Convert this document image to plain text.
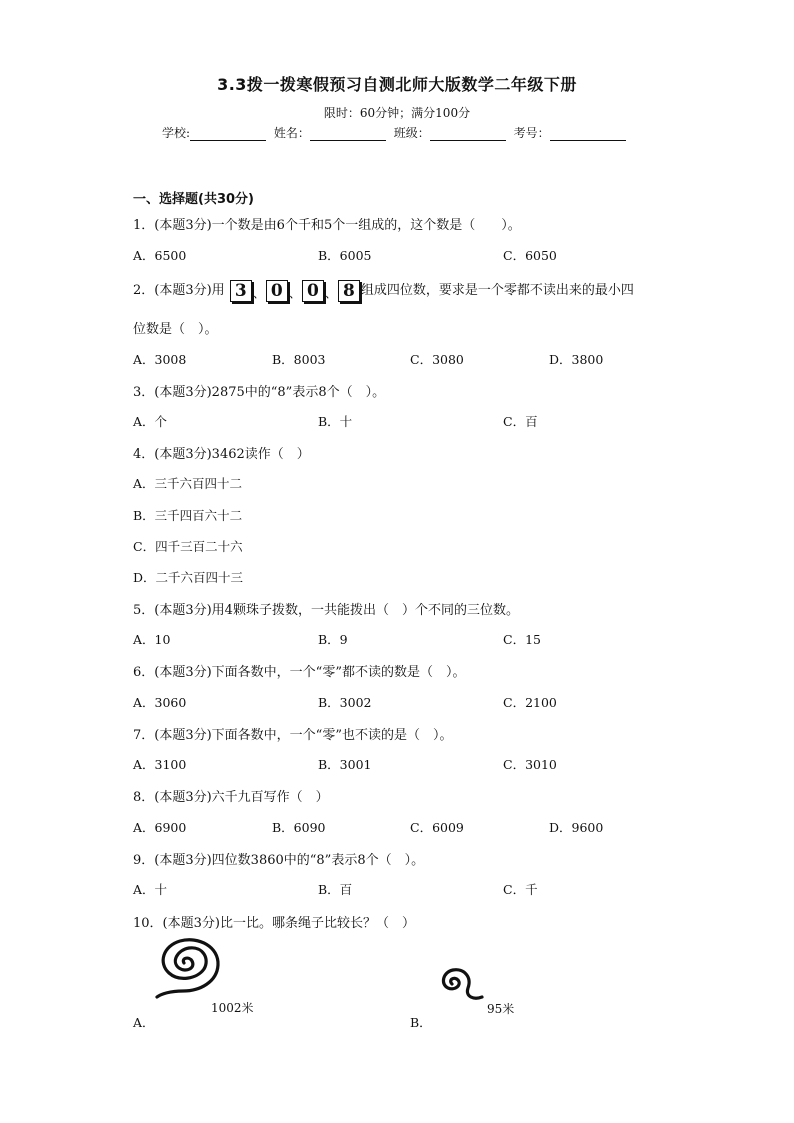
3.3拨一拨寒假预习自测北师大版数学二年级下册
限时：60分钟；满分100分
学校:	姓名：	班级：	考号：
一、选择题(共30分)
1．(本题3分)一个数是由6个千和5个一组成的，这个数是（　　）。
A．6500	B．6005	C．6050
2．(本题3分)用 3 、 0 、 0 、 8 组成四位数，要求是一个零都不读出来的最小四
位数是（　）。
A．3008	B．8003	C．3080	D．3800
3．(本题3分)2875中的“8”表示8个（　）。
A．个	B．十	C．百
4．(本题3分)3462读作（　）
A．三千六百四十二
B．三千四百六十二
C．四千三百二十六
D．二千六百四十三
5．(本题3分)用4颗珠子拨数，一共能拨出（　）个不同的三位数。
A．10	B．9	C．15
6．(本题3分)下面各数中，一个“零”都不读的数是（　）。
A．3060	B．3002	C．2100
7．(本题3分)下面各数中，一个“零”也不读的是（　）。
A．3100	B．3001	C．3010
8．(本题3分)六千九百写作（　）
A．6900	B．6090	C．6009	D．9600
9．(本题3分)四位数3860中的“8”表示8个（　）。
A．十	B．百	C．千
10．(本题3分)比一比。哪条绳子比较长？（　）
1002米	95米
A．	B．
